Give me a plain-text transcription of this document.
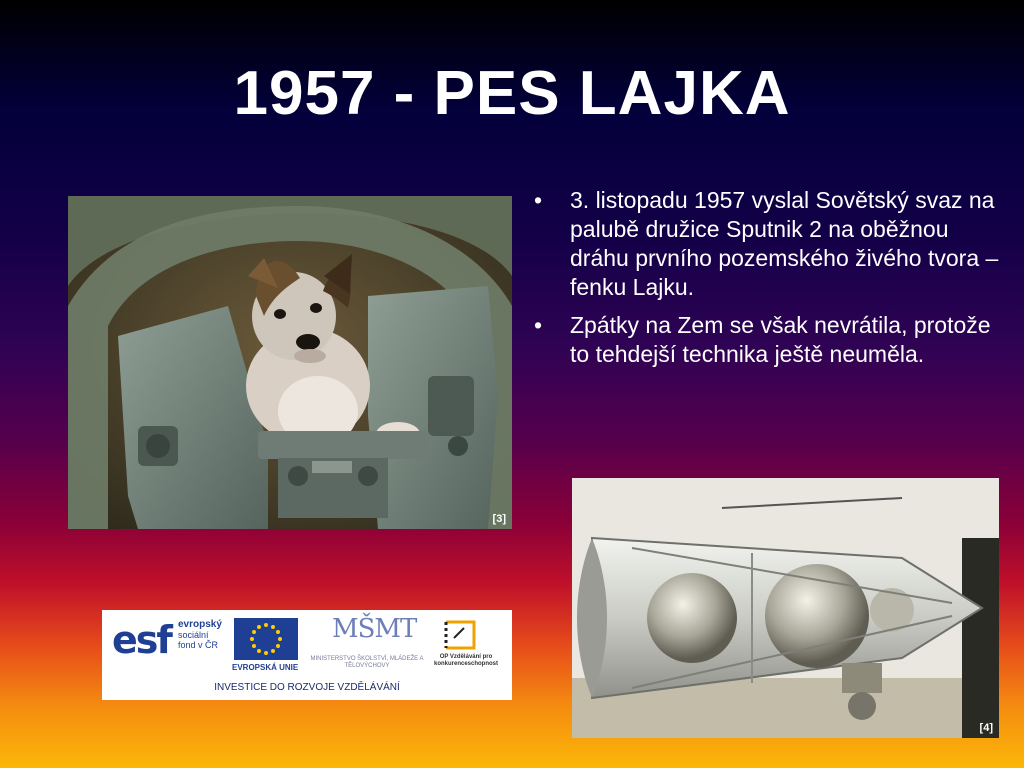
1957 - PES LAJKA
[3]
• 3. listopadu 1957 vyslal Sovětský svaz na palubě družice Sputnik 2 na oběžnou dráhu prvního pozemského živého tvora – fenku Lajku.
• Zpátky na Zem se však nevrátila, protože to tehdejší technika ještě neuměla.
[4]
esf evropský
sociální
fond v ČR
EVROPSKÁ UNIE
MŠMT
MINISTERSTVO ŠKOLSTVÍ, MLÁDEŽE A TĚLOVÝCHOVY
OP Vzdělávání pro konkurenceschopnost
INVESTICE DO ROZVOJE VZDĚLÁVÁNÍ
